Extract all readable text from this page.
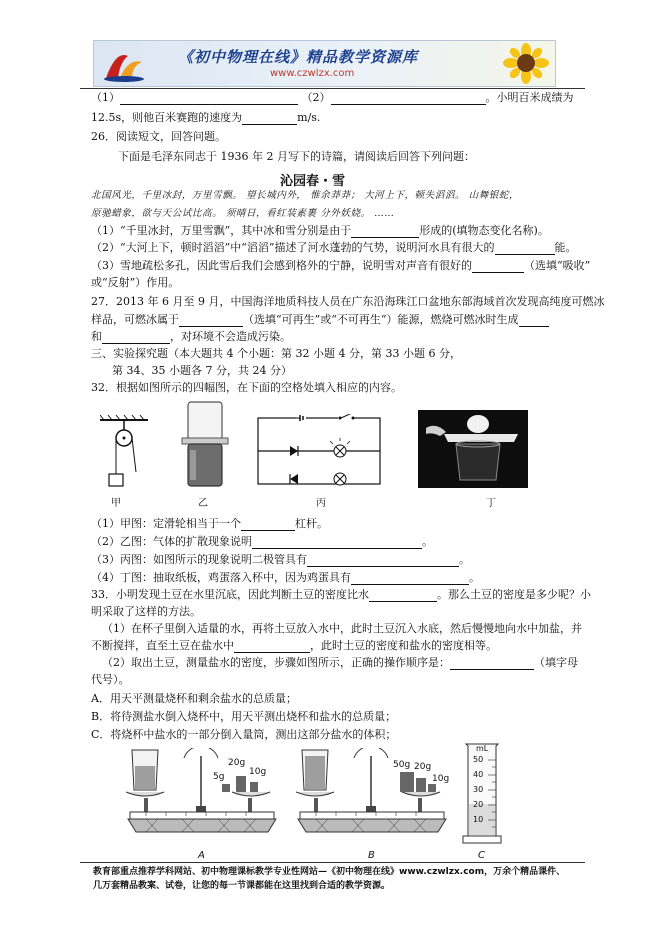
《初中物理在线》精品教学资源库
www.czwlzx.com
（1）	（2）	。小明百米成绩为
12.5s，则他百米赛跑的速度为	m/s.
26．阅读短文，回答问题。
下面是毛泽东同志于 1936 年 2 月写下的诗篇，请阅读后回答下列问题：
沁园春・雪
北国风光，千里冰封，万里雪飘。 望长城内外， 惟余莽莽； 大河上下，顿失滔滔。 山舞银蛇，
原驰蜡象，欲与天公试比高。 须晴日，看红装素裹 分外妖娆。 ……
（1）“千里冰封，万里雪飘”，其中冰和雪分别是由于	形成的(填物态变化名称)。
（2）“大河上下，顿时滔滔”中“滔滔”描述了河水蓬勃的气势，说明河水具有很大的	能。
（3）雪地疏松多孔，因此雪后我们会感到格外的宁静，说明雪对声音有很好的	（选填“吸收”
或“反射”）作用。
27．2013 年 6 月至 9 月，中国海洋地质科技人员在广东沿海珠江口盆地东部海域首次发现高纯度可燃冰
样品，可燃冰属于	（选填“可再生”或“不可再生”）能源，燃烧可燃冰时生成
和	，对环境不会造成污染。
三、实验探究题（本大题共 4 个小题：第 32 小题 4 分，第 33 小题 6 分，
第 34、35 小题各 7 分，共 24 分）
32．根据如图所示的四幅图，在下面的空格处填入相应的内容。
甲	乙	丙	丁
（1）甲图：定滑轮相当于一个	杠杆。
（2）乙图：气体的扩散现象说明	。
（3）丙图：如图所示的现象说明二极管具有	。
（4）丁图：抽取纸板，鸡蛋落入杯中，因为鸡蛋具有	。
33．小明发现土豆在水里沉底，因此判断土豆的密度比水	。那么土豆的密度是多少呢？小
明采取了这样的方法。
（1）在杯子里倒入适量的水，再将土豆放入水中，此时土豆沉入水底，然后慢慢地向水中加盐，并
不断搅拌，直至土豆在盐水中	，此时土豆的密度和盐水的密度相等。
（2）取出土豆，测量盐水的密度，步骤如图所示，正确的操作顺序是：	（填字母
代号）。
A．用天平测量烧杯和剩余盐水的总质量；
B．将待测盐水倒入烧杯中，用天平测出烧杯和盐水的总质量；
C．将烧杯中盐水的一部分倒入量筒，测出这部分盐水的体积；
20g
5g	10g
A
50g 20g
10g
B
mL
50
40
30
20
10
C
教育部重点推荐学科网站、初中物理课标教学专业性网站—《初中物理在线》www.czwlzx.com，万余个精品课件、
几万套精品教案、试卷，让您的每一节课都能在这里找到合适的教学资源。
